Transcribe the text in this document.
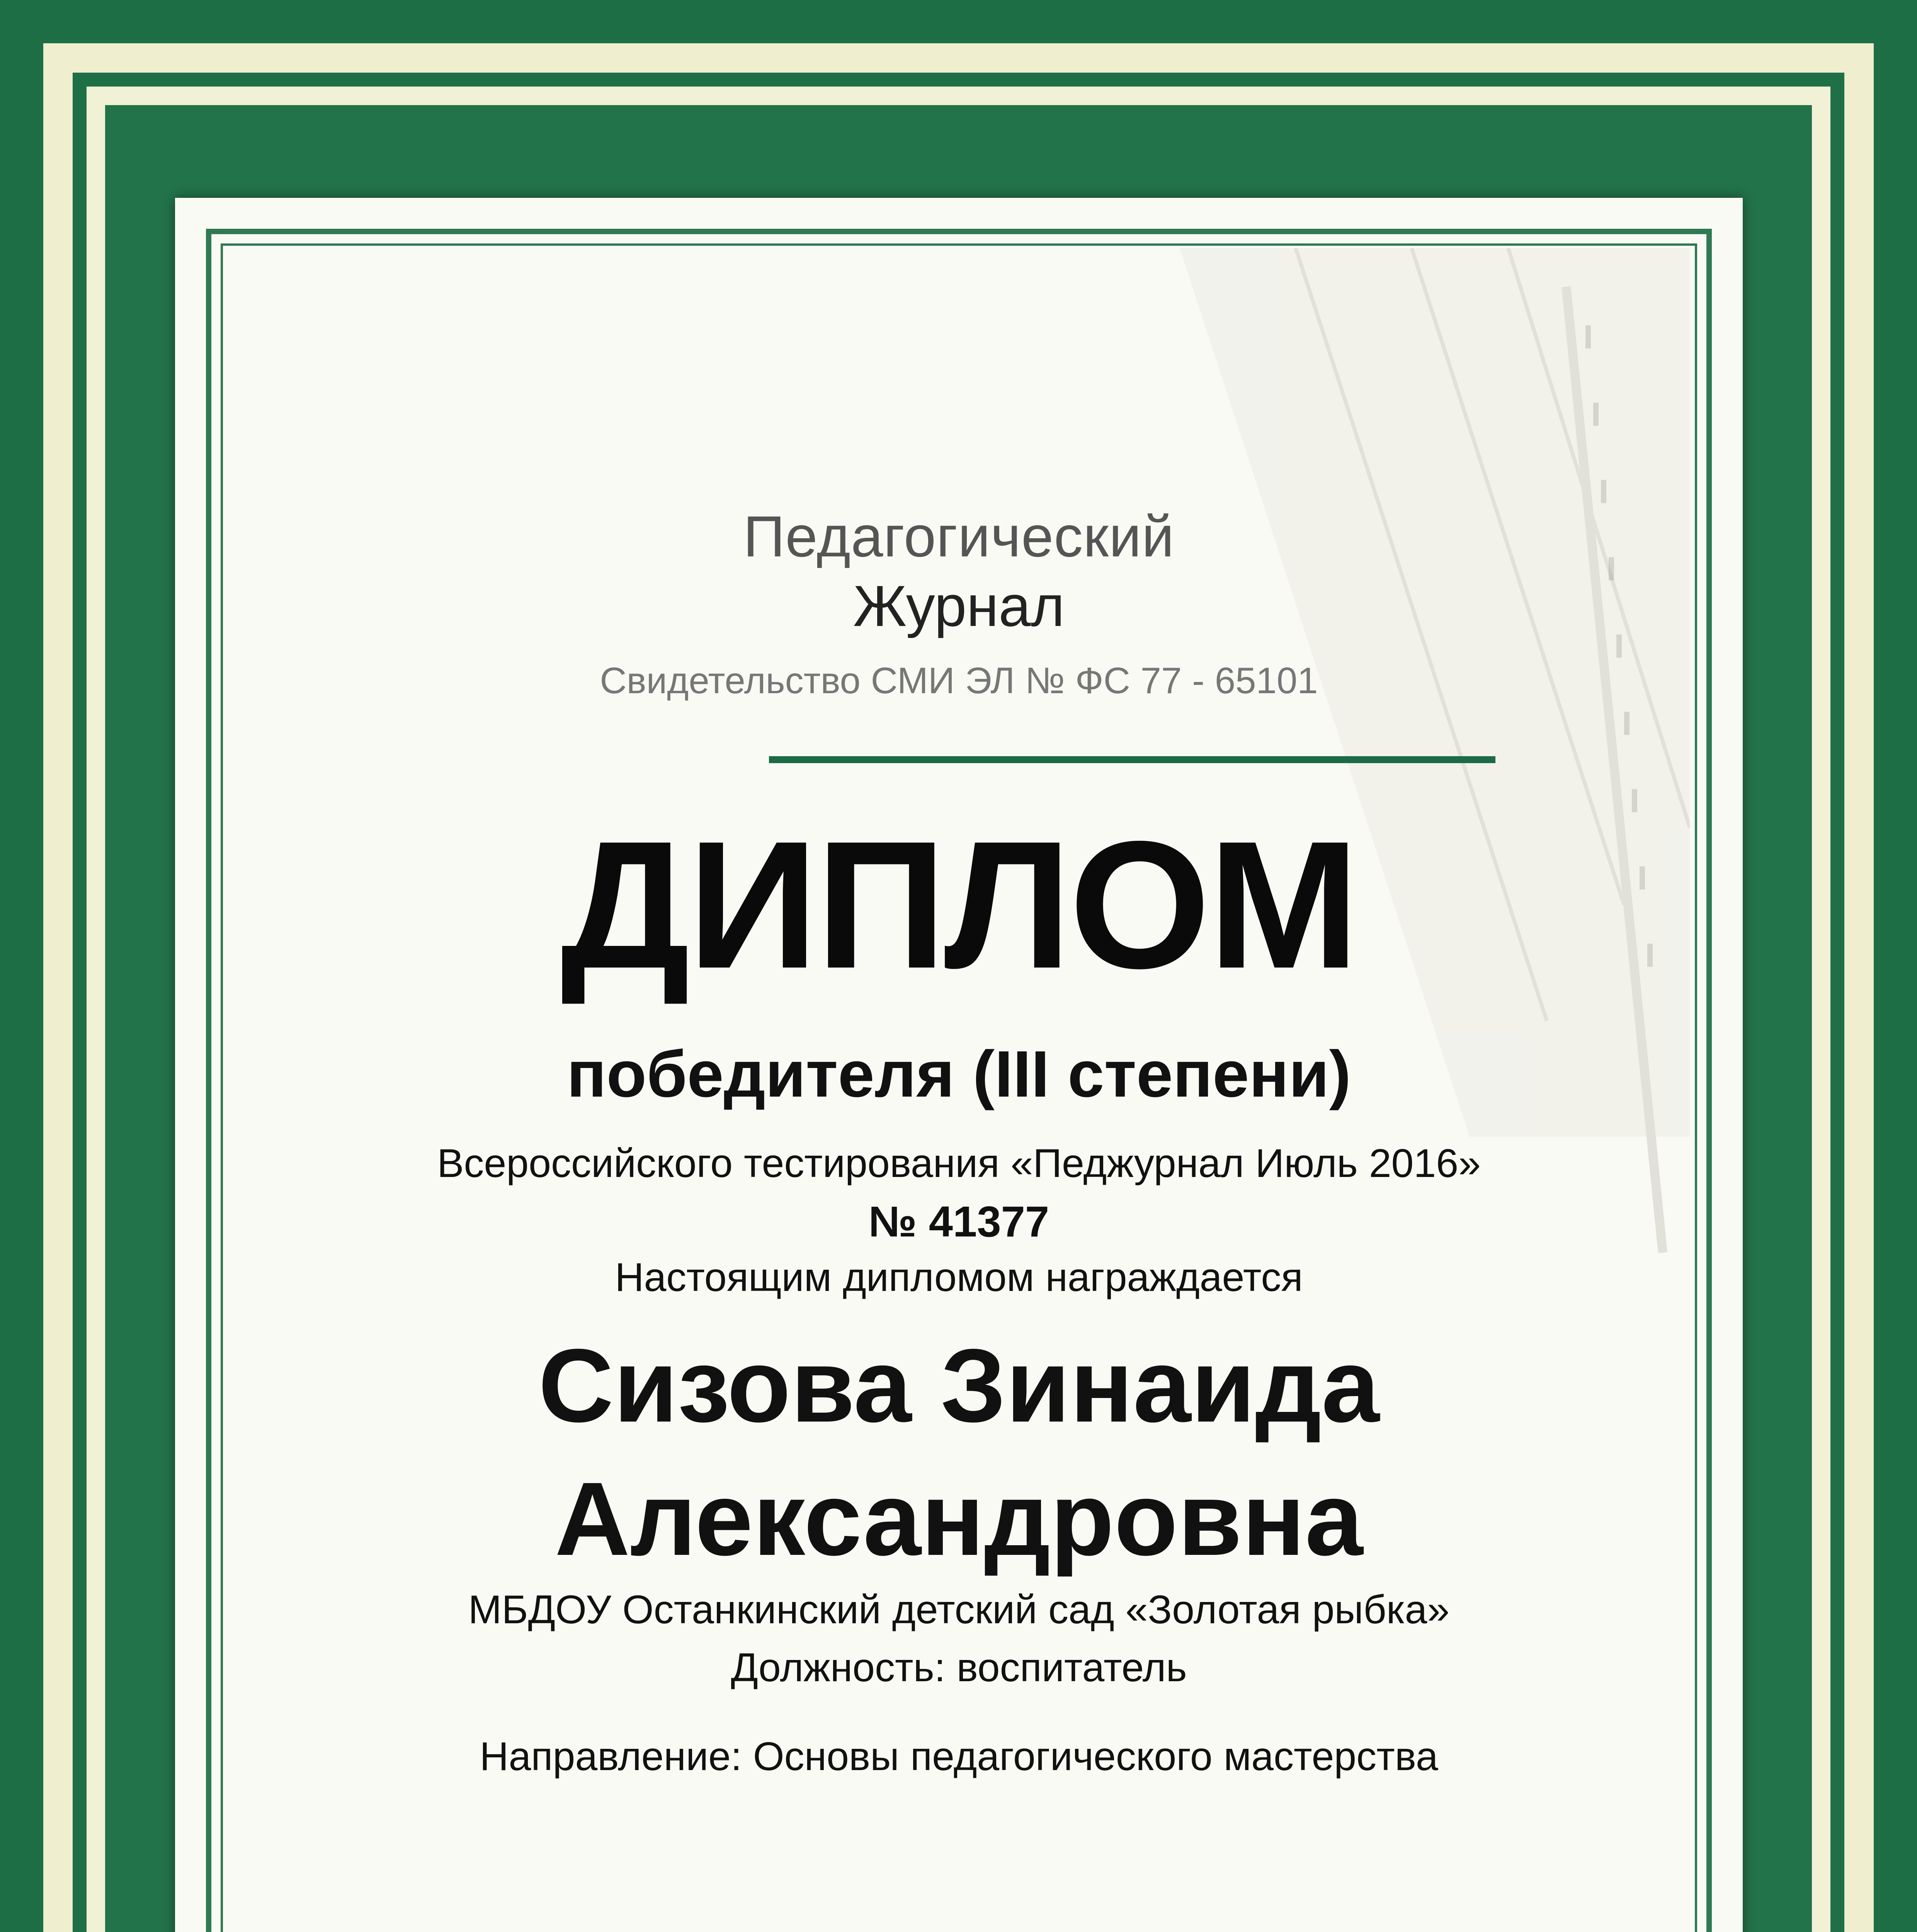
Педагогический
Журнал
Свидетельство СМИ ЭЛ № ФС 77 - 65101
ДИПЛОМ
победителя (III степени)
Всероссийского тестирования «Педжурнал Июль 2016»
№ 41377
Настоящим дипломом награждается
Сизова Зинаида
Александровна
МБДОУ Останкинский детский сад «Золотая рыбка»
Должность: воспитатель
Направление: Основы педагогического мастерства
